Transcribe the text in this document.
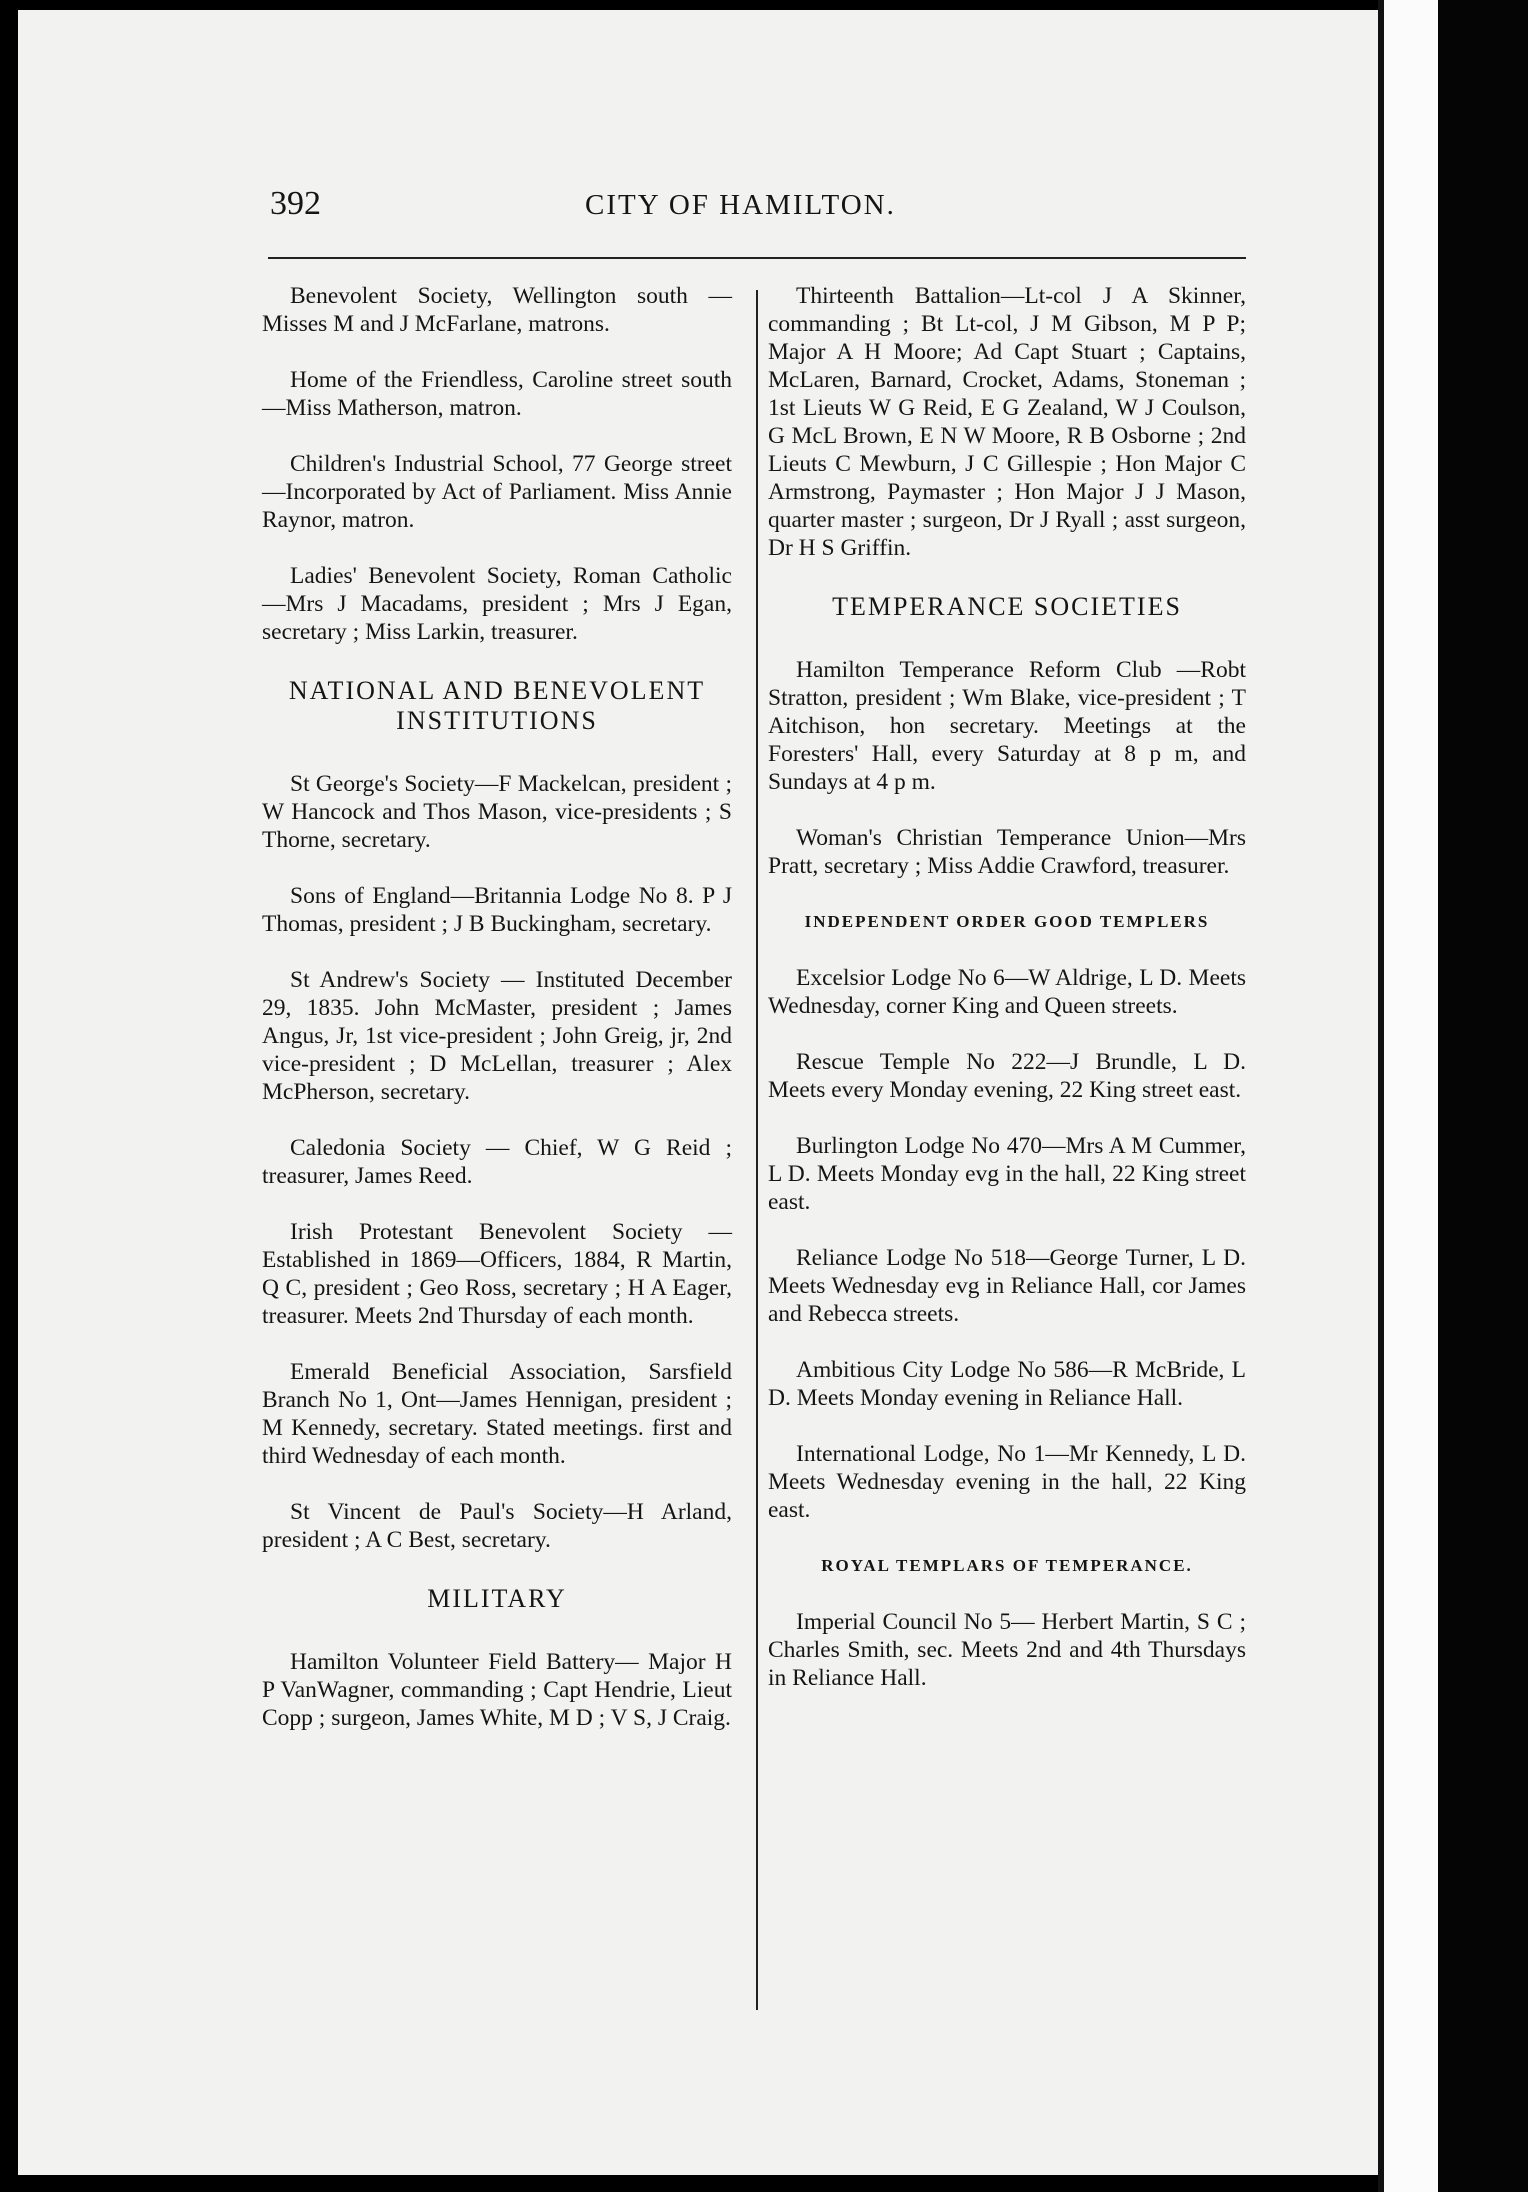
392	CITY OF HAMILTON.
Benevolent Society, Wellington south —Misses M and J McFarlane, matrons.
Home of the Friendless, Caroline street south—Miss Matherson, matron.
Children's Industrial School, 77 George street—Incorporated by Act of Parliament. Miss Annie Raynor, matron.
Ladies' Benevolent Society, Roman Catholic—Mrs J Macadams, president ; Mrs J Egan, secretary ; Miss Larkin, treasurer.
NATIONAL AND BENEVOLENT INSTITUTIONS
St George's Society—F Mackelcan, president ; W Hancock and Thos Mason, vice-presidents ; S Thorne, secretary.
Sons of England—Britannia Lodge No 8. P J Thomas, president ; J B Buckingham, secretary.
St Andrew's Society — Instituted December 29, 1835. John McMaster, president ; James Angus, Jr, 1st vice-president ; John Greig, jr, 2nd vice-president ; D McLellan, treasurer ; Alex McPherson, secretary.
Caledonia Society — Chief, W G Reid ; treasurer, James Reed.
Irish Protestant Benevolent Society —Established in 1869—Officers, 1884, R Martin, Q C, president ; Geo Ross, secretary ; H A Eager, treasurer. Meets 2nd Thursday of each month.
Emerald Beneficial Association, Sarsfield Branch No 1, Ont—James Hennigan, president ; M Kennedy, secretary. Stated meetings. first and third Wednesday of each month.
St Vincent de Paul's Society—H Arland, president ; A C Best, secretary.
MILITARY
Hamilton Volunteer Field Battery— Major H P VanWagner, commanding ; Capt Hendrie, Lieut Copp ; surgeon, James White, M D ; V S, J Craig.
Thirteenth Battalion—Lt-col J A Skinner, commanding ; Bt Lt-col, J M Gibson, M P P; Major A H Moore; Ad Capt Stuart ; Captains, McLaren, Barnard, Crocket, Adams, Stoneman ; 1st Lieuts W G Reid, E G Zealand, W J Coulson, G McL Brown, E N W Moore, R B Osborne ; 2nd Lieuts C Mewburn, J C Gillespie ; Hon Major C Armstrong, Paymaster ; Hon Major J J Mason, quarter master ; surgeon, Dr J Ryall ; asst surgeon, Dr H S Griffin.
TEMPERANCE SOCIETIES
Hamilton Temperance Reform Club —Robt Stratton, president ; Wm Blake, vice-president ; T Aitchison, hon secretary. Meetings at the Foresters' Hall, every Saturday at 8 p m, and Sundays at 4 p m.
Woman's Christian Temperance Union—Mrs Pratt, secretary ; Miss Addie Crawford, treasurer.
INDEPENDENT ORDER GOOD TEMPLERS
Excelsior Lodge No 6—W Aldrige, L D. Meets Wednesday, corner King and Queen streets.
Rescue Temple No 222—J Brundle, L D. Meets every Monday evening, 22 King street east.
Burlington Lodge No 470—Mrs A M Cummer, L D. Meets Monday evg in the hall, 22 King street east.
Reliance Lodge No 518—George Turner, L D. Meets Wednesday evg in Reliance Hall, cor James and Rebecca streets.
Ambitious City Lodge No 586—R McBride, L D. Meets Monday evening in Reliance Hall.
International Lodge, No 1—Mr Kennedy, L D. Meets Wednesday evening in the hall, 22 King east.
ROYAL TEMPLARS OF TEMPERANCE.
Imperial Council No 5— Herbert Martin, S C ; Charles Smith, sec. Meets 2nd and 4th Thursdays in Reliance Hall.
